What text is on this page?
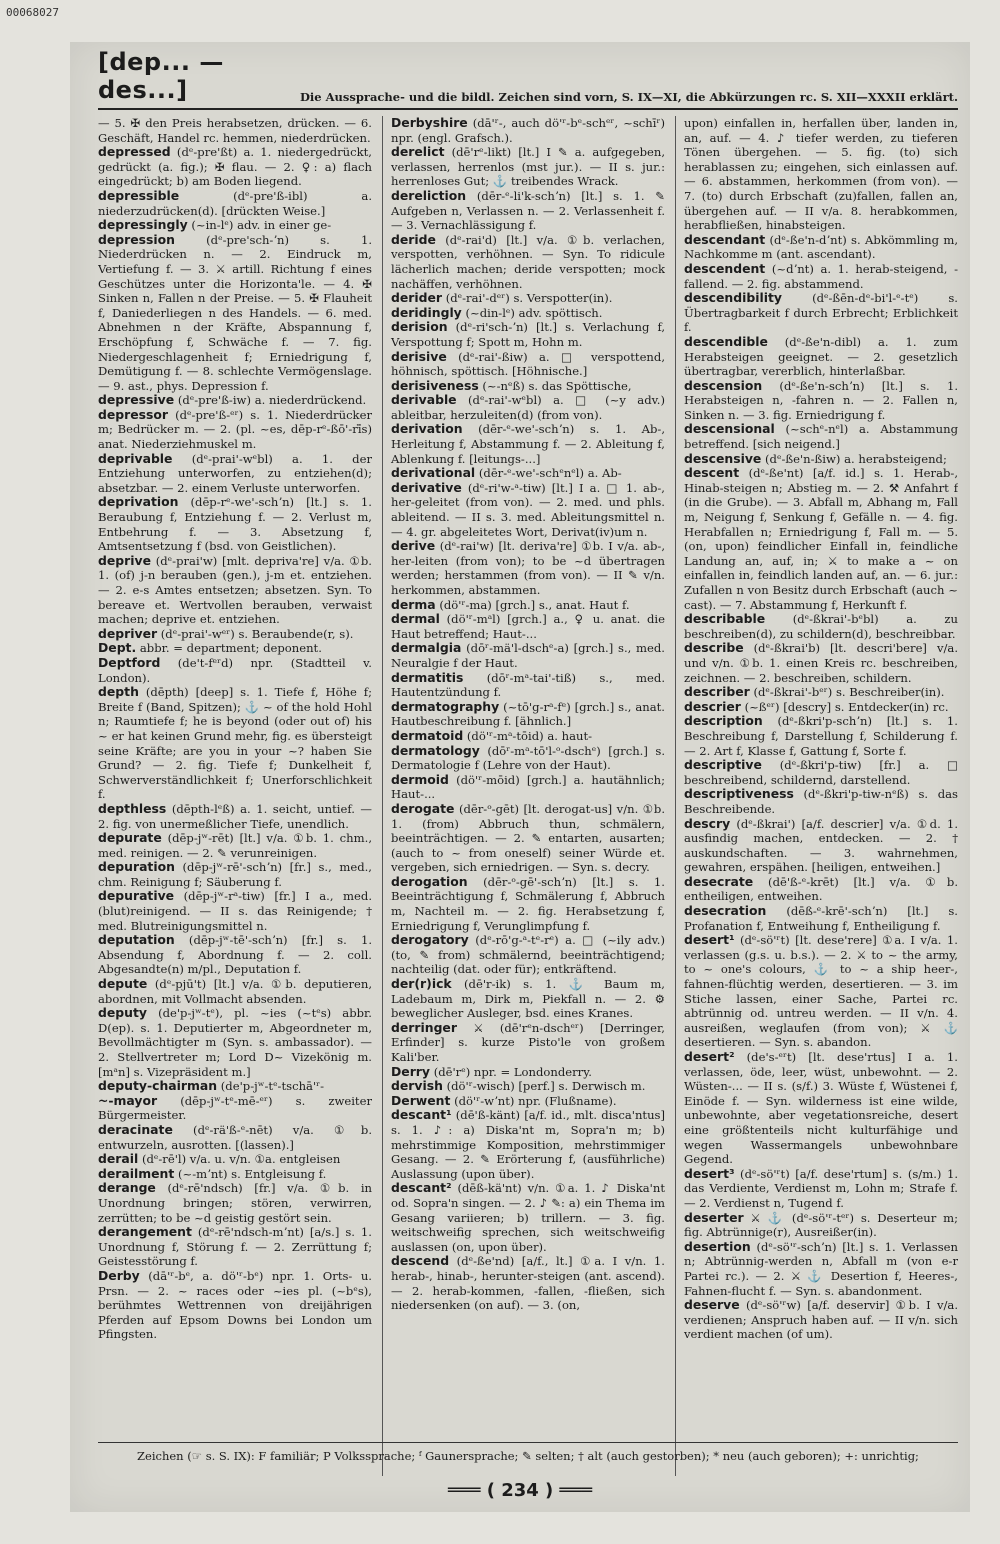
00068027
[dep... — des...]	Die Aussprache- und die bildl. Zeichen sind vorn, S. IX—XI, die Abkürzungen rc. S. XII—XXXII erklärt.

— 5. ✠ den Preis herabsetzen, drücken. — 6. Geschäft, Handel rc. hemmen, niederdrücken.

depressed (dᵉ-pre'ßt) a. 1. niedergedrückt, gedrückt (a. fig.); ✠ flau. — 2. ♀: a) flach eingedrückt; b) am Boden liegend.

depressible	(dᵉ-pre'ß-ibl) a. niederzudrücken(d). [drückten Weise.]

depressingly (~in-lᵉ) adv. in einer ge-

depression	(dᵉ-pre'sch-ʼn) s. 1. Niederdrücken n. — 2. Eindruck m, Vertiefung f. — 3. ⚔ artill. Richtung f eines Geschützes unter die Horizonta'le. — 4. ✠ Sinken n, Fallen n der Preise. — 5. ✠ Flauheit f, Daniederliegen n des Handels. — 6. med. Abnehmen n der Kräfte, Abspannung f, Erschöpfung f, Schwäche f. — 7. fig. Niedergeschlagenheit f; Erniedrigung f, Demütigung f. — 8. schlechte Vermögenslage. — 9. ast., phys. Depression f.

depressive (dᵉ-pre'ß-iw) a. niederdrückend.

depressor (dᵉ-pre'ß-ᵉʳ) s. 1. Niederdrücker m; Bedrücker m. — 2. (pl. ~es, dēp-rᵉ-ßō'-rī̈s) anat. Niederziehmuskel m.

deprivable (dᵉ-prai'-wᵉbl) a. 1. der Entziehung unterworfen, zu entziehen(d); absetzbar. — 2. einem Verluste unterworfen.

deprivation (dēp-rᵉ-we'-schʼn) [lt.] s. 1. Beraubung f, Entziehung f. — 2. Verlust m, Entbehrung f. — 3. Absetzung f, Amtsentsetzung f (bsd. von Geistlichen).

deprive (dᵉ-prai'w) [mlt. depriva're] v/a. ①b. 1. (of) j-n berauben (gen.), j-m et. entziehen. — 2. e-s Amtes entsetzen; absetzen. Syn. To bereave et. Wertvollen berauben, verwaist machen; deprive et. entziehen.

depriver (dᵉ-prai'-wᵉʳ) s. Beraubende(r, s).

Dept. abbr. = department; deponent.

Deptford (de't-fᵉʳd) npr. (Stadtteil v. London).

depth (dēpth) [deep] s. 1. Tiefe f, Höhe f; Breite f (Band, Spitzen); ⚓ ~ of the hold Hohl n; Raumtiefe f; he is beyond (oder out of) his ~ er hat keinen Grund mehr, fig. es übersteigt seine Kräfte; are you in your ~? haben Sie Grund? — 2. fig. Tiefe f; Dunkelheit f, Schwerverständlichkeit f; Unerforschlichkeit f.

depthless (dēpth-lᵉß) a. 1. seicht, untief. — 2. fig. von unermeßlicher Tiefe, unendlich.

depurate (dēp-jʷ-rēt) [lt.] v/a. ①b. 1. chm., med. reinigen. — 2. ✎ verunreinigen.

depuration (dēp-jʷ-rē'-schʼn) [fr.] s., med., chm. Reinigung f; Säuberung f.

depurative (dēp-jʷ-rᵃ-tiw) [fr.] I a., med. (blut)reinigend. — II s. das Reinigende; † med. Blutreinigungsmittel n.

deputation (dēp-jʷ-tē'-schʼn) [fr.] s. 1. Absendung f, Abordnung f. — 2. coll. Abgesandte(n) m/pl., Deputation f.

depute (dᵉ-pjū't) [lt.] v/a. ①b. deputieren, abordnen, mit Vollmacht absenden.

deputy (de'p-jʷ-tᵉ), pl. ~ies (~tᵉs) abbr. D(ep). s. 1. Deputierter m, Abgeordneter m, Bevollmächtigter m (Syn. s. ambassador). — 2. Stellvertreter m; Lord D~ Vizekönig m. [mᵃn] s. Vizepräsident m.]

deputy-chairman (de'p-jʷ-tᵉ-tschā'ʳ-

~-mayor (dēp-jʷ-tᵉ-mē-ᵉʳ) s. zweiter Bürgermeister.

deracinate (dᵉ-rä'ß-ᵉ-nēt) v/a. ①b. entwurzeln, ausrotten. [(lassen).]

derail (dᵉ-rē'l) v/a. u. v/n. ①a. entgleisen

derailment (~-mʼnt) s. Entgleisung f.

derange (dᵉ-rē'ndsch) [fr.] v/a. ①b. in Unordnung bringen; stören, verwirren, zerrütten; to be ~d geistig gestört sein.

derangement (dᵉ-rē'ndsch-mʼnt) [a/s.] s. 1. Unordnung f, Störung f. — 2. Zerrüttung f; Geistesstörung f.

Derby (dā'ʳ-bᵉ, a. dö'ʳ-bᵉ) npr. 1. Orts- u. Prsn. — 2. ~ races oder ~ies pl. (~bᵉs), berühmtes Wettrennen von dreijährigen Pferden auf Epsom Downs bei London um Pfingsten.

Derbyshire (dā'ʳ-, auch dö'ʳ-bᵉ-schᵉʳ, ~schīʳ) npr. (engl. Grafsch.).

derelict (dē'rᵉ-likt) [lt.] I ✎ a. aufgegeben, verlassen, herrenlos (mst jur.). — II s. jur.: herrenloses Gut; ⚓ treibendes Wrack.

dereliction (dēr-ᵉ-li'k-schʼn) [lt.] s. 1. ✎ Aufgeben n, Verlassen n. — 2. Verlassenheit f. — 3. Vernachlässigung f.

deride (dᵉ-rai'd) [lt.] v/a. ①b. verlachen, verspotten, verhöhnen. — Syn. To ridicule lächerlich machen; deride verspotten; mock nachäffen, verhöhnen.

derider (dᵉ-rai'-dᵉʳ) s. Verspotter(in).

deridingly (~din-lᵉ) adv. spöttisch.

derision (dᵉ-ri'sch-ʼn) [lt.] s. Verlachung f, Verspottung f; Spott m, Hohn m.

derisive (dᵉ-rai'-ßiw) a. □ verspottend, höhnisch, spöttisch. [Höhnische.]

derisiveness (~-nᵉß) s. das Spöttische,

derivable (dᵉ-rai'-wᵉbl) a. □ (~y adv.) ableitbar, herzuleiten(d) (from von).

derivation (dēr-ᵉ-we'-schʼn) s. 1. Ab-, Herleitung f, Abstammung f. — 2. Ableitung f, Ablenkung f. [leitungs-...]

derivational (dēr-ᵉ-we'-schᵉnᵉl) a. Ab-

derivative (dᵉ-ri'w-ᵃ-tiw) [lt.] I a. □ 1. ab-, her-geleitet (from von). — 2. med. und phls. ableitend. — II s. 3. med. Ableitungsmittel n. — 4. gr. abgeleitetes Wort, Derivat(iv)um n.

derive (dᵉ-rai'w) [lt. deriva're] ①b. I v/a. ab-, her-leiten (from von); to be ~d übertragen werden; herstammen (from von). — II ✎ v/n. herkommen, abstammen.

derma (dö'ʳ-ma) [grch.] s., anat. Haut f.

dermal (dö'ʳ-mᵃl) [grch.] a., ♀ u. anat. die Haut betreffend; Haut-...

dermalgia (dōʳ-mä'l-dschᵉ-a) [grch.] s., med. Neuralgie f der Haut.

dermatitis (dōʳ-mᵃ-tai'-tiß) s., med. Hautentzündung f.

dermatography (~tō'g-rᵃ-fᵉ) [grch.] s., anat. Hautbeschreibung f. [ähnlich.]

dermatoid (dö'ʳ-mᵃ-tōid) a. haut-

dermatology (dōʳ-mᵃ-tō'l-ᵒ-dschᵉ) [grch.] s. Dermatologie f (Lehre von der Haut).

dermoid (dö'ʳ-mōid) [grch.] a. hautähnlich; Haut-...

derogate (dēr-ᵒ-gēt) [lt. derogat-us] v/n. ①b. 1. (from) Abbruch thun, schmälern, beeinträchtigen. — 2. ✎ entarten, ausarten; (auch to ~ from oneself) seiner Würde et. vergeben, sich erniedrigen. — Syn. s. decry.

derogation (dēr-ᵒ-gē'-schʼn) [lt.] s. 1. Beeinträchtigung f, Schmälerung f, Abbruch m, Nachteil m. — 2. fig. Herabsetzung f, Erniedrigung f, Verunglimpfung f.

derogatory (dᵉ-rō'g-ᵃ-tᵉ-rᵉ) a. □ (~ily adv.) (to, ✎ from) schmälernd, beeinträchtigend; nachteilig (dat. oder für); entkräftend.

der(r)ick (dē'r-ik) s. 1. ⚓ Baum m, Ladebaum m, Dirk m, Piekfall n. — 2. ⚙ beweglicher Ausleger, bsd. eines Kranes.

derringer ⚔ (dē'rᵉn-dschᵉʳ) [Derringer, Erfinder] s. kurze Pisto'le von großem Kali'ber.

Derry (dē'rᵉ) npr. = Londonderry.

dervish (dö'ʳ-wisch) [perf.] s. Derwisch m.

Derwent (dö'ʳ-wʼnt) npr. (Flußname).

descant¹ (dē'ß-känt) [a/f. id., mlt. disca'ntus] s. 1. ♪: a) Diska'nt m, Sopra'n m; b) mehrstimmige Komposition, mehrstimmiger Gesang. — 2. ✎ Erörterung f, (ausführliche) Auslassung (upon über).

descant² (dēß-kä'nt) v/n. ①a. 1. ♪ Diska'nt od. Sopra'n singen. — 2. ♪ ✎: a) ein Thema im Gesang variieren; b) trillern. — 3. fig. weitschweifig sprechen, sich weitschweifig auslassen (on, upon über).

descend (dᵉ-ße'nd) [a/f., lt.] ①a. I v/n. 1. herab-, hinab-, herunter-steigen (ant. ascend). — 2. herab-kommen, -fallen, -fließen, sich niedersenken (on auf). — 3. (on,

upon) einfallen in, herfallen über, landen in, an, auf. — 4. ♪ tiefer werden, zu tieferen Tönen übergehen. — 5. fig. (to) sich herablassen zu; eingehen, sich einlassen auf. — 6. abstammen, herkommen (from von). — 7. (to) durch Erbschaft (zu)fallen, fallen an, übergehen auf. — II v/a. 8. herabkommen, herabfließen, hinabsteigen.

descendant (dᵉ-ße'n-dʼnt) s. Abkömmling m, Nachkomme m (ant. ascendant).

descendent (~dʼnt) a. 1. herab-steigend, -fallend. — 2. fig. abstammend.

descendibility	(dᵉ-ßēn-dᵉ-bi'l-ᵉ-tᵉ) s. Übertragbarkeit f durch Erbrecht; Erblichkeit f.

descendible (dᵉ-ße'n-dibl) a. 1. zum Herabsteigen geeignet. — 2. gesetzlich übertragbar, vererblich, hinterlaßbar.

descension (dᵉ-ße'n-schʼn) [lt.] s. 1. Herabsteigen n, -fahren n. — 2. Fallen n, Sinken n. — 3. fig. Erniedrigung f.

descensional (~schᵉ-nᵉl) a. Abstammung betreffend. [sich neigend.]

descensive (dᵉ-ße'n-ßiw) a. herabsteigend;

descent (dᵉ-ße'nt) [a/f. id.] s. 1. Herab-, Hinab-steigen n; Abstieg m. — 2. ⚒ Anfahrt f (in die Grube). — 3. Abfall m, Abhang m, Fall m, Neigung f, Senkung f, Gefälle n. — 4. fig. Herabfallen n; Erniedrigung f, Fall m. — 5. (on, upon) feindlicher Einfall in, feindliche Landung an, auf, in; ⚔ to make a ~ on einfallen in, feindlich landen auf, an. — 6. jur.: Zufallen n von Besitz durch Erbschaft (auch ~ cast). — 7. Abstammung f, Herkunft f.

describable (dᵉ-ßkrai'-bᵉbl) a. zu beschreiben(d), zu schildern(d), beschreibbar.

describe (dᵉ-ßkrai'b) [lt. descri'bere] v/a. und v/n. ①b. 1. einen Kreis rc. beschreiben, zeichnen. — 2. beschreiben, schildern.

describer (dᵉ-ßkrai'-bᵉʳ) s. Beschreiber(in).

descrier (~ßᵉʳ) [descry] s. Entdecker(in) rc.

description (dᵉ-ßkri'p-schʼn) [lt.] s. 1. Beschreibung f, Darstellung f, Schilderung f. — 2. Art f, Klasse f, Gattung f, Sorte f.

descriptive (dᵉ-ßkri'p-tiw) [fr.] a. □ beschreibend, schildernd, darstellend.

descriptiveness (dᵉ-ßkri'p-tiw-nᵉß) s. das Beschreibende.

descry (dᵉ-ßkrai') [a/f. descrier] v/a. ①d. 1. ausfindig machen, entdecken. — 2. † auskundschaften. — 3. wahrnehmen, gewahren, erspähen. [heiligen, entweihen.]

desecrate (dē'ß-ᵉ-krēt) [lt.] v/a. ①b. entheiligen, entweihen.

desecration (dēß-ᵉ-krē'-schʼn) [lt.] s. Profanation f, Entweihung f, Entheiligung f.

desert¹ (dᵉ-sö'ʳt) [lt. dese'rere] ①a. I v/a. 1. verlassen (g.s. u. b.s.). — 2. ⚔ to ~ the army, to ~ one's colours, ⚓ to ~ a ship heer-, fahnen-flüchtig werden, desertieren. — 3. im Stiche lassen, einer Sache, Partei rc. abtrünnig od. untreu werden. — II v/n. 4. ausreißen, weglaufen (from von); ⚔ ⚓ desertieren. — Syn. s. abandon.

desert² (de's-ᵉʳt) [lt. dese'rtus] I a. 1. verlassen, öde, leer, wüst, unbewohnt. — 2. Wüsten-... — II s. (s/f.) 3. Wüste f, Wüstenei f, Einöde f. — Syn. wilderness ist eine wilde, unbewohnte, aber vegetationsreiche, desert eine größtenteils nicht kulturfähige und wegen Wassermangels unbewohnbare Gegend.

desert³ (dᵉ-sö'ʳt) [a/f. dese'rtum] s. (s/m.) 1. das Verdiente, Verdienst m, Lohn m; Strafe f. — 2. Verdienst n, Tugend f.

deserter ⚔ ⚓ (dᵉ-sö'ʳ-tᵉʳ) s. Deserteur m; fig. Abtrünnige(r), Ausreißer(in).

desertion (dᵉ-sö'ʳ-schʼn) [lt.] s. 1. Verlassen n; Abtrünnig-werden n, Abfall m (von e-r Partei rc.). — 2. ⚔ ⚓ Desertion f, Heeres-, Fahnen-flucht f. — Syn. s. abandonment.

deserve (dᵉ-sö'ʳw) [a/f. deservir] ①b. I v/a. verdienen; Anspruch haben auf. — II v/n. sich verdient machen (of um).

Zeichen (☞ s. S. IX): F familiär; P Volkssprache; ᶠ Gaunersprache; ✎ selten; † alt (auch gestorben); * neu (auch geboren); +: unrichtig;
═══ ( 234 ) ═══
